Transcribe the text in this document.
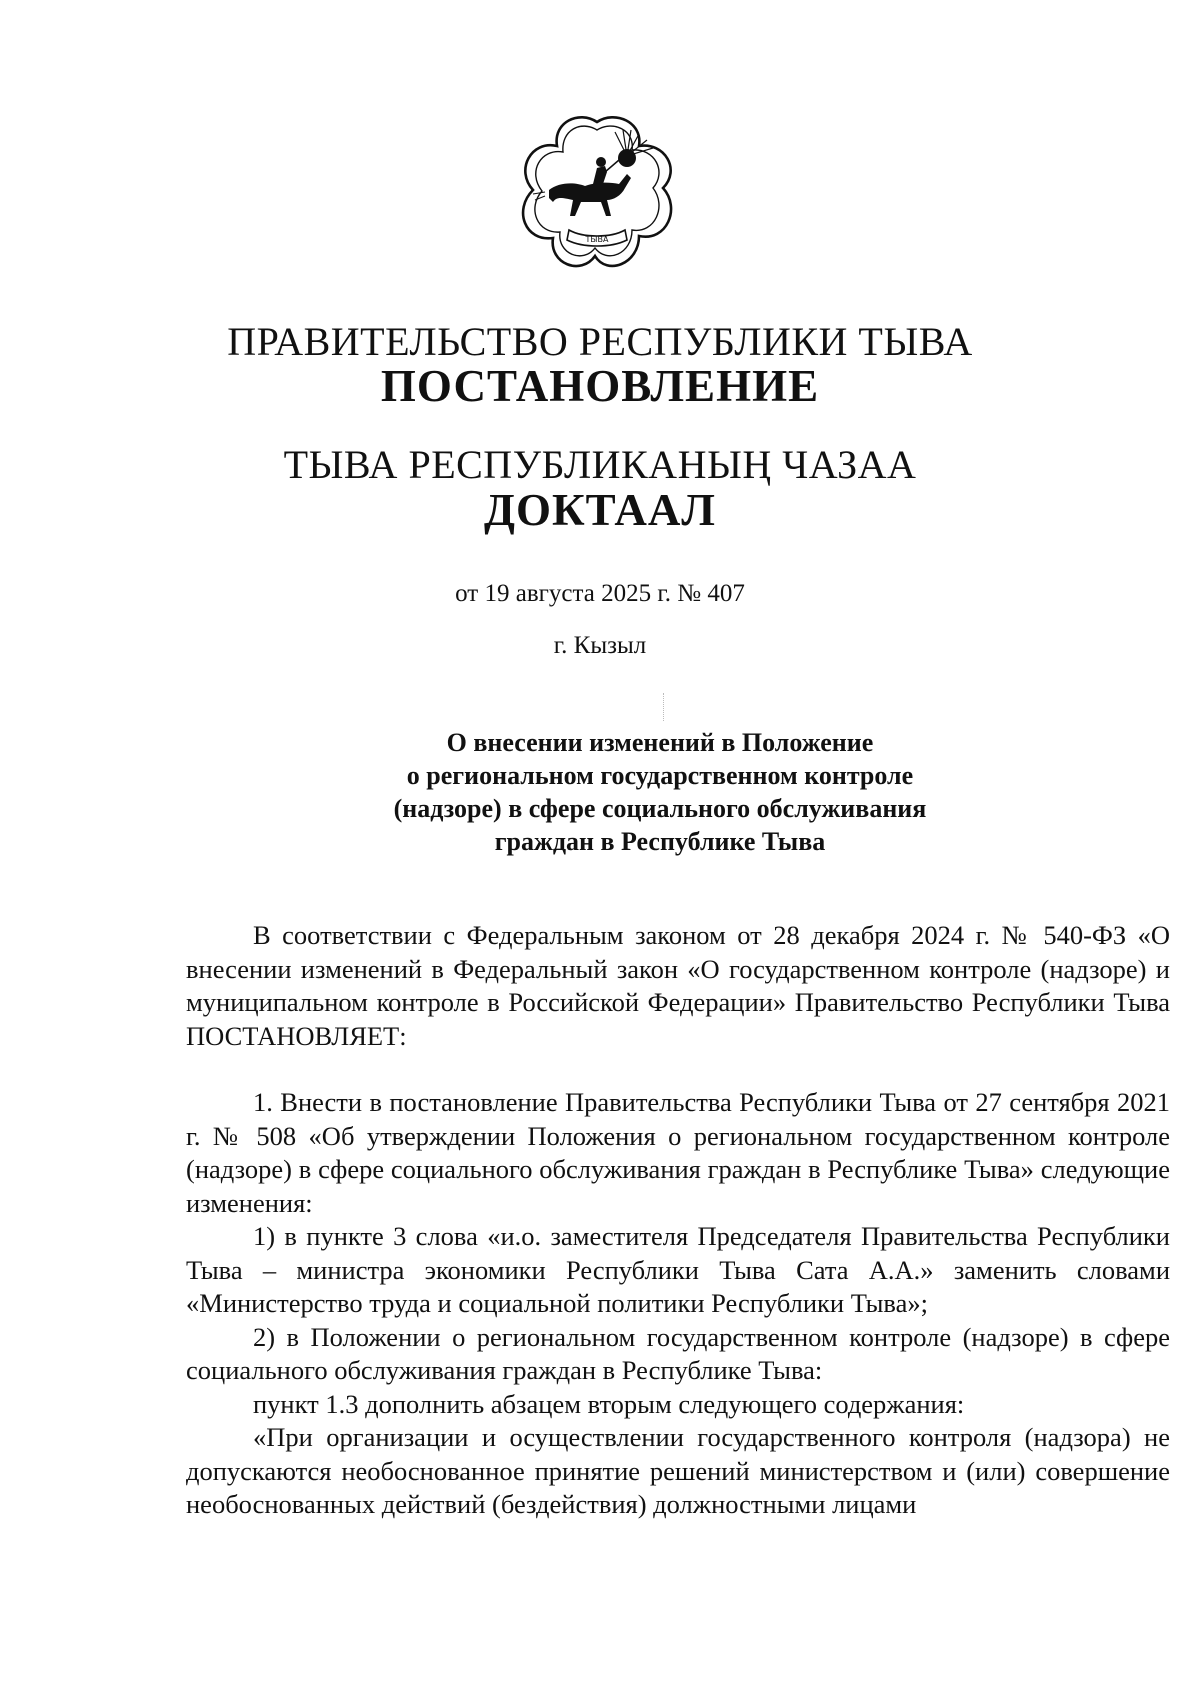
ТЫВА
ПРАВИТЕЛЬСТВО РЕСПУБЛИКИ ТЫВА
ПОСТАНОВЛЕНИЕ
ТЫВА РЕСПУБЛИКАНЫҢ ЧАЗАА
ДОКТААЛ
от 19 августа 2025 г. № 407
г. Кызыл
О внесении изменений в Положение
о региональном государственном контроле
(надзоре) в сфере социального обслуживания
граждан в Республике Тыва

В соответствии с Федеральным законом от 28 декабря 2024 г. № 540-ФЗ «О внесении изменений в Федеральный закон «О государственном контроле (надзоре) и муниципальном контроле в Российской Федерации» Правительство Республики Тыва ПОСТАНОВЛЯЕТ:

1. Внести в постановление Правительства Республики Тыва от 27 сентября 2021 г. № 508 «Об утверждении Положения о региональном государственном контроле (надзоре) в сфере социального обслуживания граждан в Республике Тыва» следующие изменения:

1) в пункте 3 слова «и.о. заместителя Председателя Правительства Республики Тыва – министра экономики Республики Тыва Сата А.А.» заменить словами «Министерство труда и социальной политики Республики Тыва»;

2) в Положении о региональном государственном контроле (надзоре) в сфере социального обслуживания граждан в Республике Тыва:

пункт 1.3 дополнить абзацем вторым следующего содержания:

«При организации и осуществлении государственного контроля (надзора) не допускаются необоснованное принятие решений министерством и (или) совершение необоснованных действий (бездействия) должностными лицами
